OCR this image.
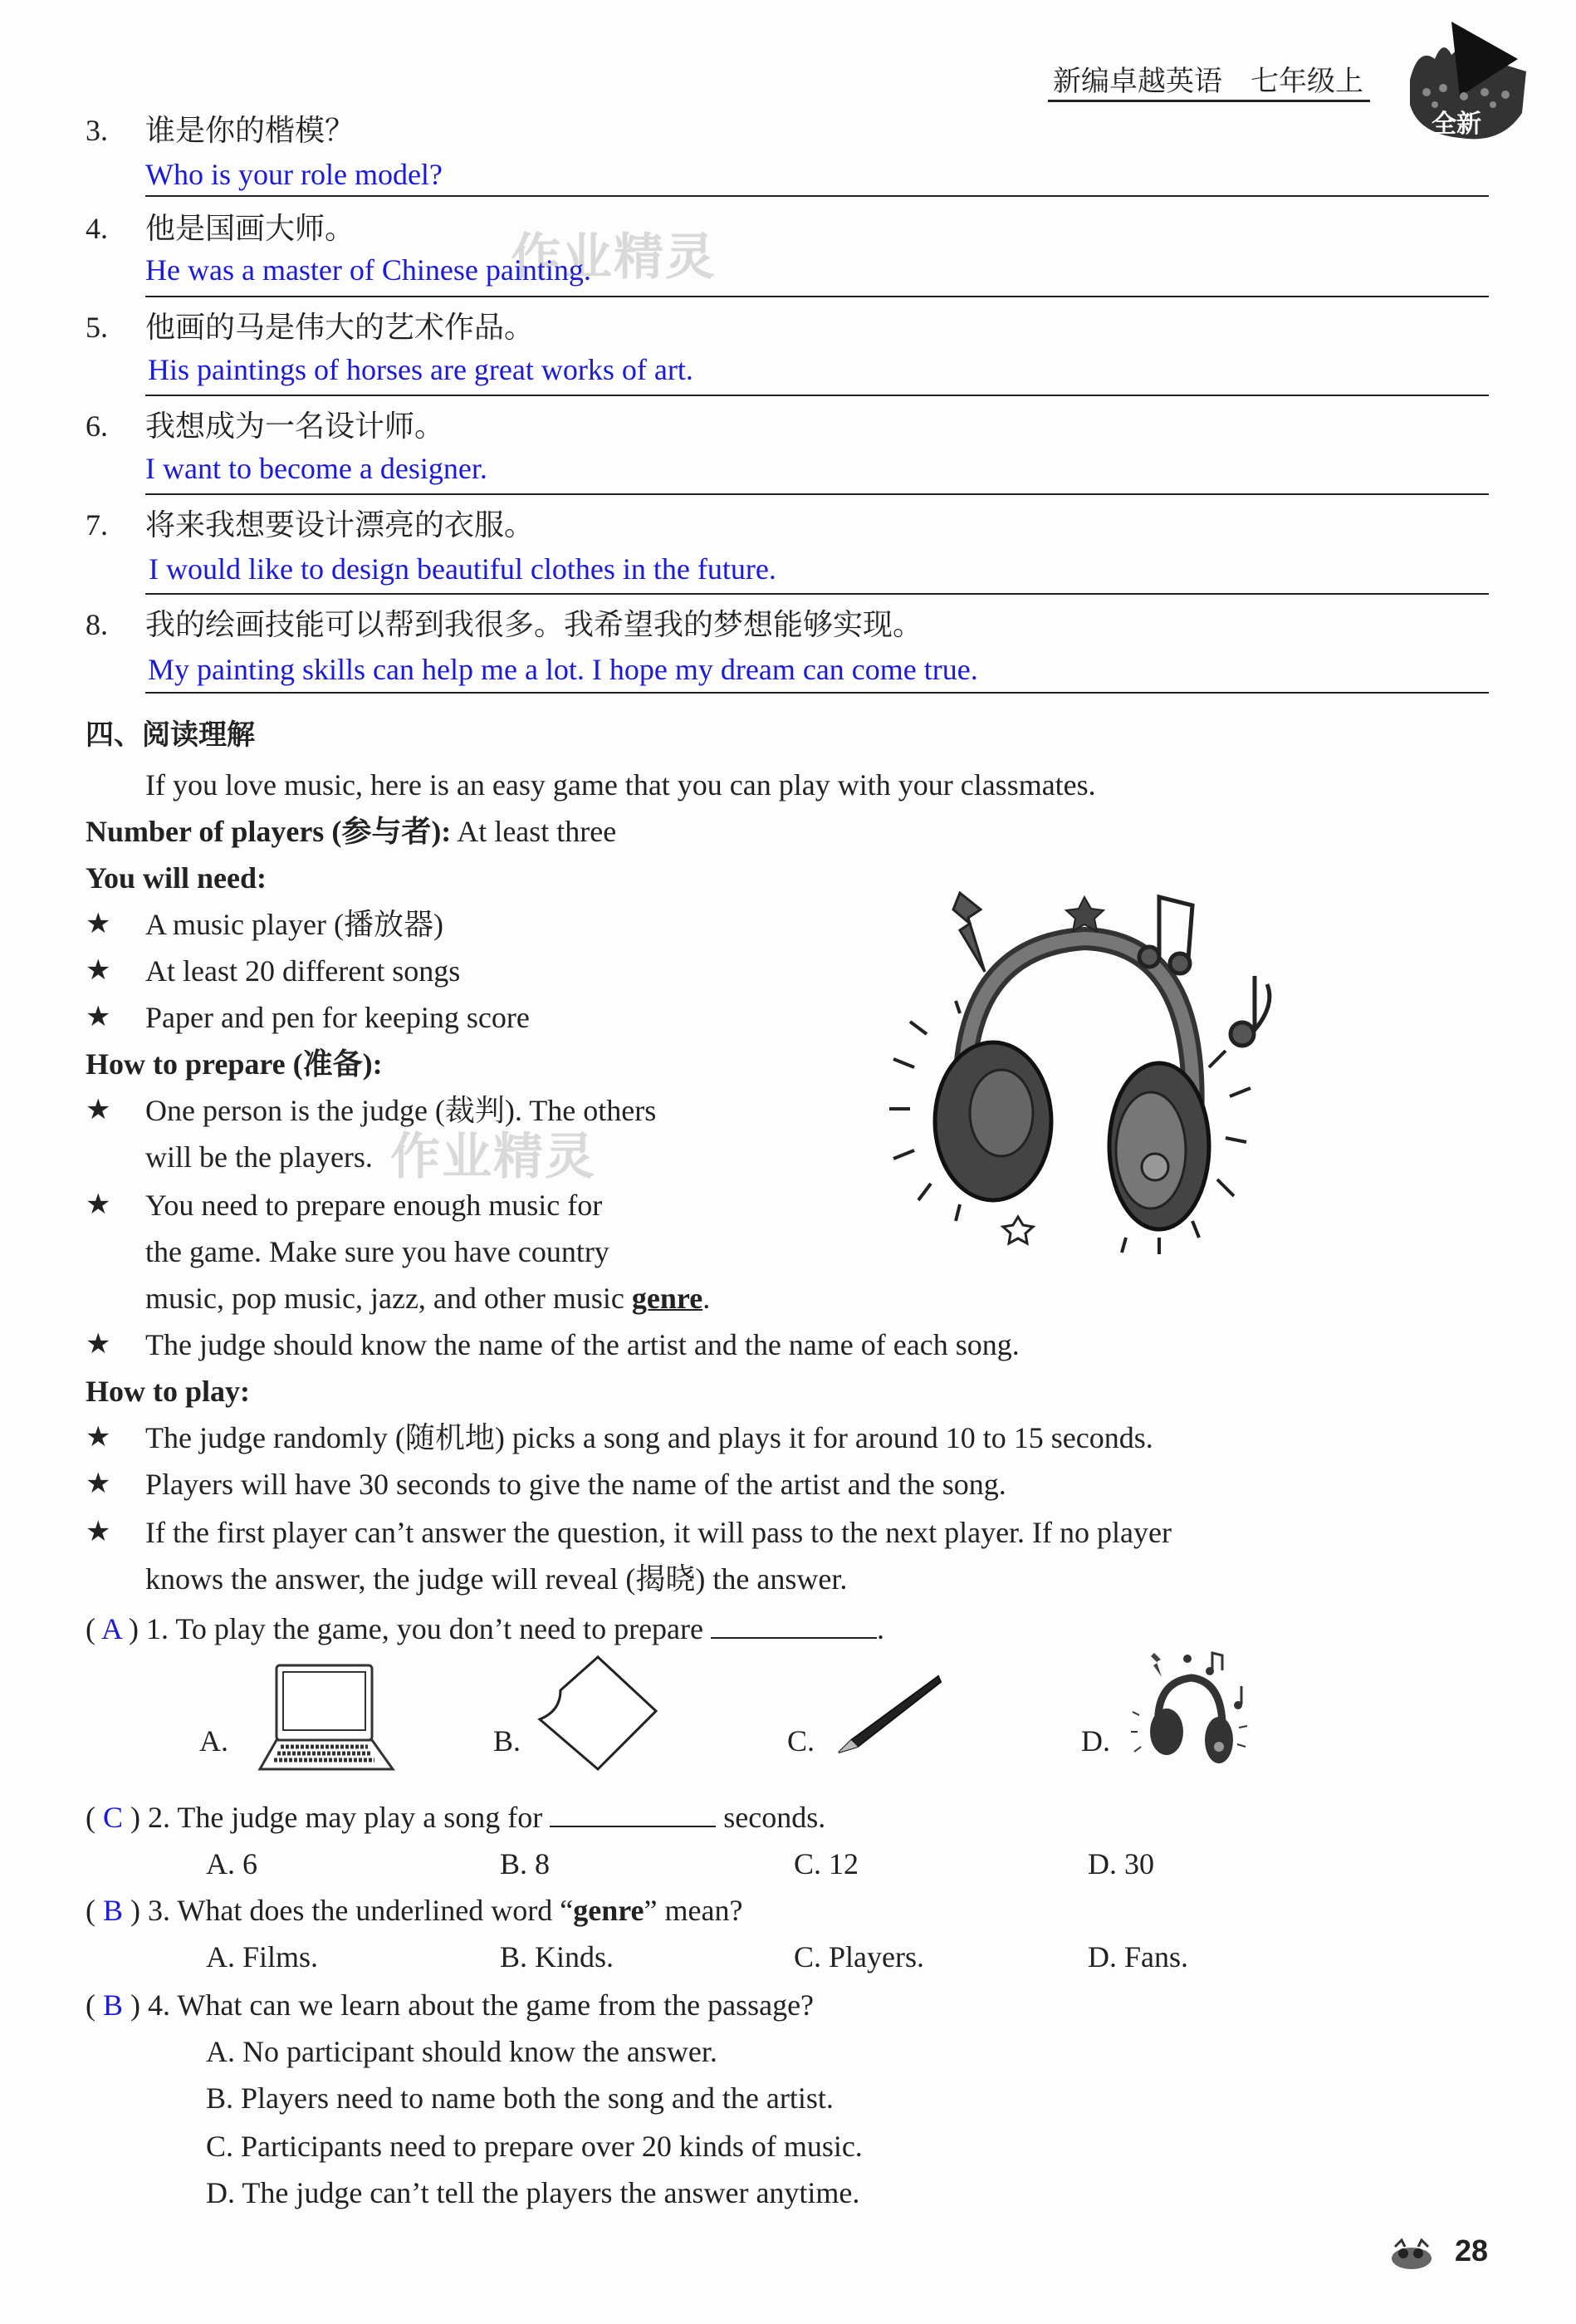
新编卓越英语　七年级上
全新
作业精灵
作业精灵
3. 谁是你的楷模？
Who is your role model?
4. 他是国画大师。
He was a master of Chinese painting.
5. 他画的马是伟大的艺术作品。
His paintings of horses are great works of art.
6. 我想成为一名设计师。
I want to become a designer.
7. 将来我想要设计漂亮的衣服。
I would like to design beautiful clothes in the future.
8. 我的绘画技能可以帮到我很多。我希望我的梦想能够实现。
My painting skills can help me a lot. I hope my dream can come true.
四、阅读理解
If you love music, here is an easy game that you can play with your classmates.
Number of players (参与者): At least three
You will need:
★ A music player (播放器)
★ At least 20 different songs
★ Paper and pen for keeping score
How to prepare (准备):
★ One person is the judge (裁判). The others
will be the players.
★ You need to prepare enough music for
the game. Make sure you have country
music, pop music, jazz, and other music genre.
★ The judge should know the name of the artist and the name of each song.
How to play:
★ The judge randomly (随机地) picks a song and plays it for around 10 to 15 seconds.
★ Players will have 30 seconds to give the name of the artist and the song.
★ If the first player can’t answer the question, it will pass to the next player. If no player
knows the answer, the judge will reveal (揭晓) the answer.
( A ) 1. To play the game, you don’t need to prepare	.
A.	B.	C.	D.
( C ) 2. The judge may play a song for	seconds.
A. 6	B. 8	C. 12	D. 30
( B ) 3. What does the underlined word “genre” mean?
A. Films.	B. Kinds.	C. Players.	D. Fans.
( B ) 4. What can we learn about the game from the passage?
A. No participant should know the answer.
B. Players need to name both the song and the artist.
C. Participants need to prepare over 20 kinds of music.
D. The judge can’t tell the players the answer anytime.
28
